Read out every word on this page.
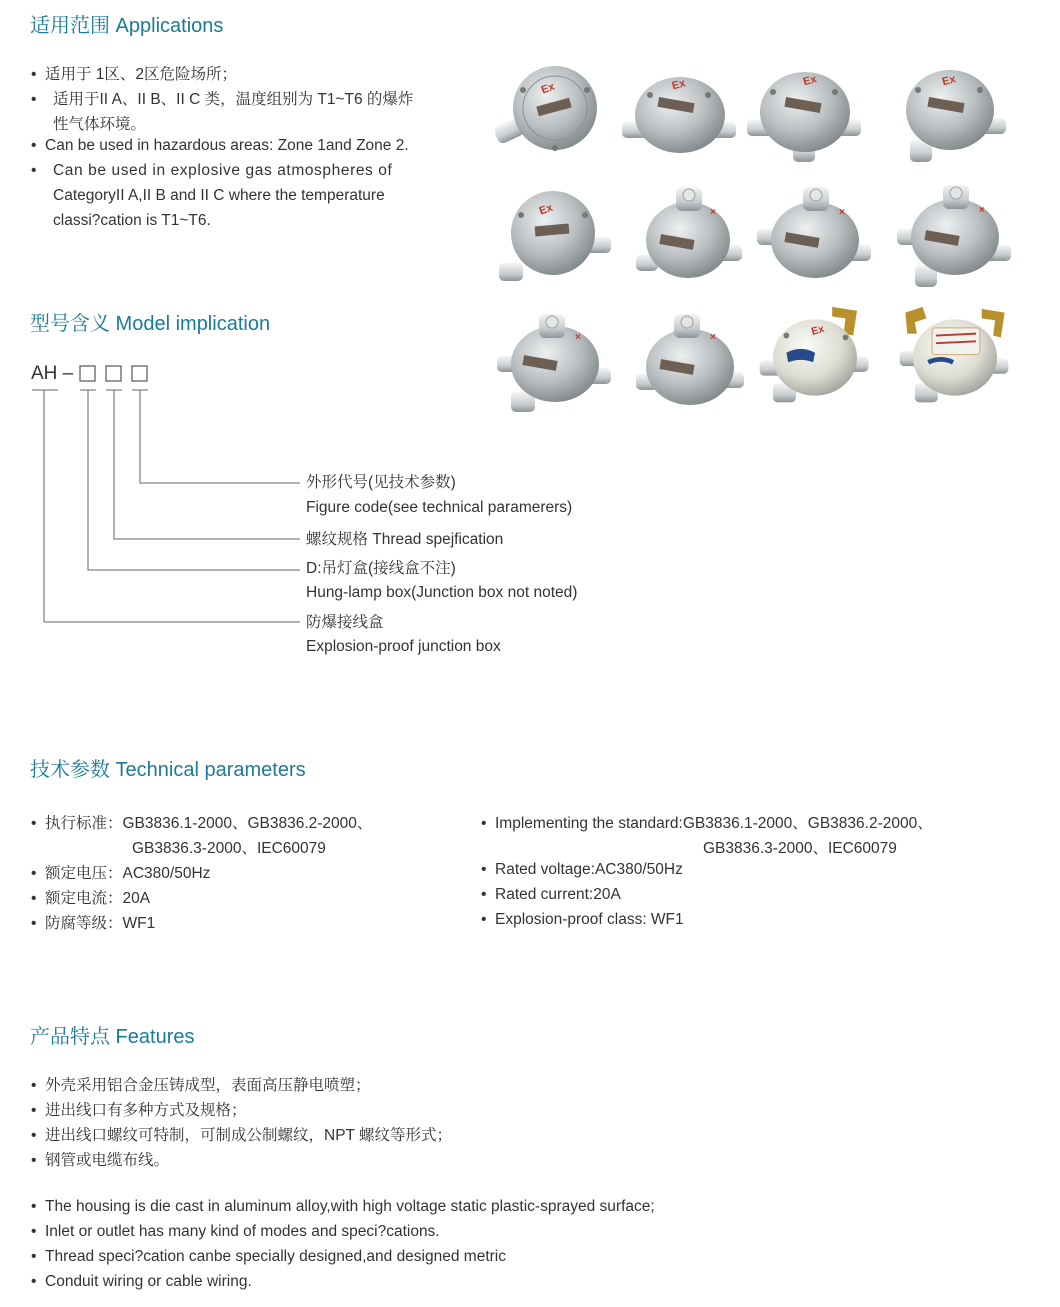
适用范围 Applications
• 适用于 1区、2区危险场所；
• 适用于II A、II B、II C 类，温度组别为 T1~T6 的爆炸
性气体环境。
• Can be used in hazardous areas: Zone 1and Zone 2.
• Can be used in explosive gas atmospheres of
CategoryII A,II B and II C where the temperature
classi?cation is T1~T6.
Ex	Ex	Ex	Ex
Ex	×	×	×
×	×	Ex
型号含义 Model implication
AH –
外形代号(见技术参数)
Figure code(see technical paramerers)
螺纹规格 Thread spejfication
D:吊灯盒(接线盒不注)
Hung-lamp box(Junction box not noted)
防爆接线盒
Explosion-proof junction box
技术参数 Technical parameters
• 执行标准：GB3836.1-2000、GB3836.2-2000、
GB3836.3-2000、IEC60079
• 额定电压：AC380/50Hz
• 额定电流：20A
• 防腐等级：WF1
• Implementing the standard:GB3836.1-2000、GB3836.2-2000、
GB3836.3-2000、IEC60079
• Rated voltage:AC380/50Hz
• Rated current:20A
• Explosion-proof class: WF1
产品特点 Features
• 外壳采用铝合金压铸成型，表面高压静电喷塑；
• 进出线口有多种方式及规格；
• 进出线口螺纹可特制，可制成公制螺纹，NPT 螺纹等形式；
• 钢管或电缆布线。
• The housing is die cast in aluminum alloy,with high voltage static plastic-sprayed surface;
• Inlet or outlet has many kind of modes and speci?cations.
• Thread speci?cation canbe specially designed,and designed metric
• Conduit wiring or cable wiring.
